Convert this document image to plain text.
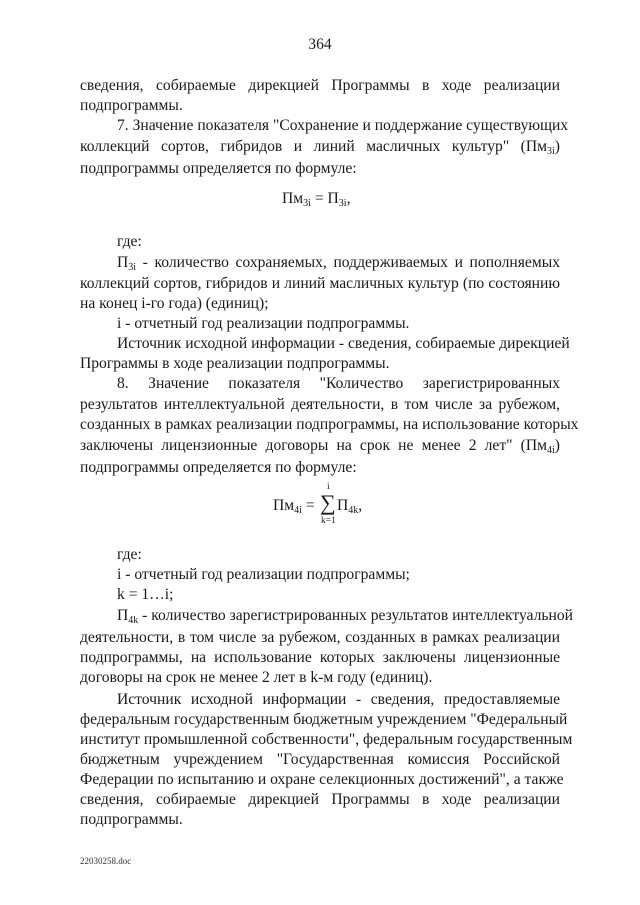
364
сведения, собираемые дирекцией Программы в ходе реализации
подпрограммы.
7. Значение показателя "Сохранение и поддержание существующих
коллекций сортов, гибридов и линий масличных культур" $(Пм_{3i})$
подпрограммы определяется по формуле:
$Пм_{3i} = П_{3i}$,
где:
$П_{3i}$ - количество сохраняемых, поддерживаемых и пополняемых
коллекций сортов, гибридов и линий масличных культур (по состоянию
на конец i-го года) (единиц);
i - отчетный год реализации подпрограммы.
Источник исходной информации - сведения, собираемые дирекцией
Программы в ходе реализации подпрограммы.
8. Значение показателя "Количество зарегистрированных
результатов интеллектуальной деятельности, в том числе за рубежом,
созданных в рамках реализации подпрограммы, на использование которых
заключены лицензионные договоры на срок не менее 2 лет" $(Пм_{4i})$
подпрограммы определяется по формуле:
$Пм_{4i}$ =
i
∑
k=1
$П_{4k}$,
где:
i - отчетный год реализации подпрограммы;
k = 1…i;
$П_{4k}$ - количество зарегистрированных результатов интеллектуальной
деятельности, в том числе за рубежом, созданных в рамках реализации
подпрограммы, на использование которых заключены лицензионные
договоры на срок не менее 2 лет в k-м году (единиц).
Источник исходной информации - сведения, предоставляемые
федеральным государственным бюджетным учреждением "Федеральный
институт промышленной собственности", федеральным государственным
бюджетным учреждением "Государственная комиссия Российской
Федерации по испытанию и охране селекционных достижений", а также
сведения, собираемые дирекцией Программы в ходе реализации
подпрограммы.
22030258.doc
